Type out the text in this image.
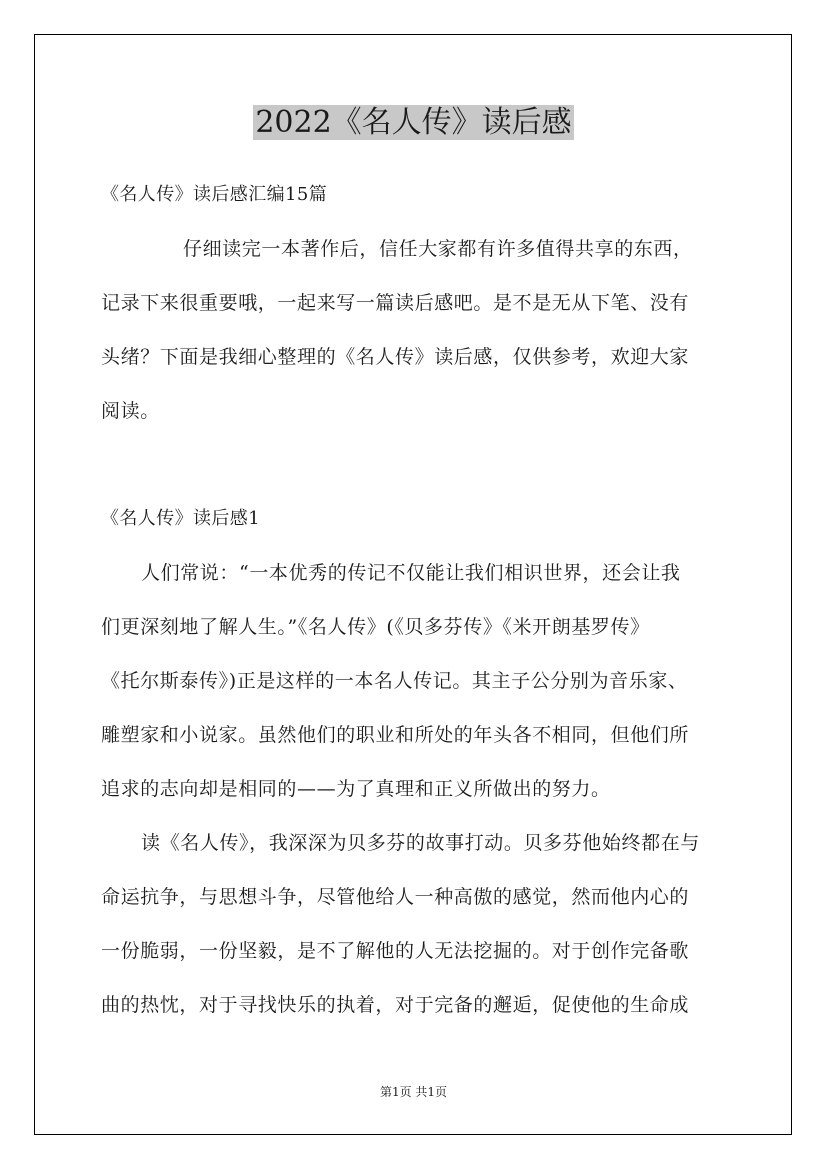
2022《名人传》读后感
《名人传》读后感汇编15篇
仔细读完一本著作后，信任大家都有许多值得共享的东西，
记录下来很重要哦，一起来写一篇读后感吧。是不是无从下笔、没有
头绪？下面是我细心整理的《名人传》读后感，仅供参考，欢迎大家
阅读。
《名人传》读后感1
人们常说：“一本优秀的传记不仅能让我们相识世界，还会让我
们更深刻地了解人生。”《名人传》(《贝多芬传》《米开朗基罗传》
《托尔斯泰传》)正是这样的一本名人传记。其主子公分别为音乐家、
雕塑家和小说家。虽然他们的职业和所处的年头各不相同，但他们所
追求的志向却是相同的——为了真理和正义所做出的努力。
读《名人传》，我深深为贝多芬的故事打动。贝多芬他始终都在与
命运抗争，与思想斗争，尽管他给人一种高傲的感觉，然而他内心的
一份脆弱，一份坚毅，是不了解他的人无法挖掘的。对于创作完备歌
曲的热忱，对于寻找快乐的执着，对于完备的邂逅，促使他的生命成
第1页 共1页
